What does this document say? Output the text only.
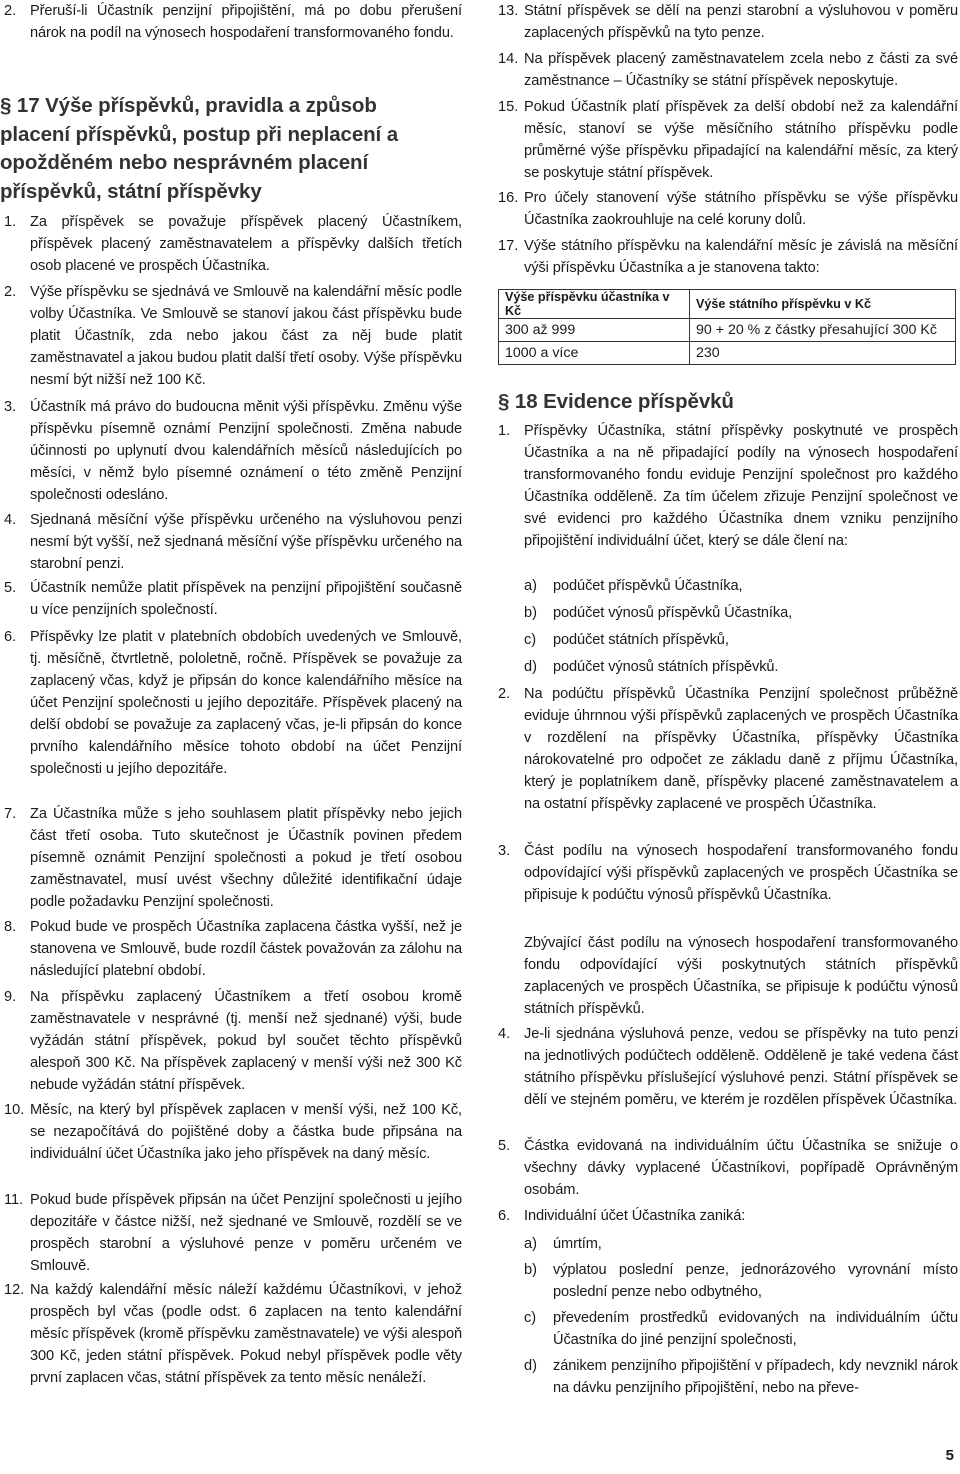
2. Přeruší-li Účastník penzijní připojištění, má po dobu přerušení nárok na podíl na výnosech hospodaření transformovaného fondu.

§ 17 Výše příspěvků, pravidla a způsob placení příspěvků, postup při neplacení a opožděném nebo nesprávném placení příspěvků, státní příspěvky
1. Za příspěvek se považuje příspěvek placený Účastníkem, příspěvek placený zaměstnavatelem a příspěvky dalších třetích osob placené ve prospěch Účastníka.

2. Výše příspěvku se sjednává ve Smlouvě na kalendářní měsíc podle volby Účastníka. Ve Smlouvě se stanoví jakou část příspěvku bude platit Účastník, zda nebo jakou část za něj bude platit zaměstnavatel a jakou budou platit další třetí osoby. Výše příspěvku nesmí být nižší než 100 Kč.

3. Účastník má právo do budoucna měnit výši příspěvku. Změnu výše příspěvku písemně oznámí Penzijní společnosti. Změna nabude účinnosti po uplynutí dvou kalendářních měsíců následujících po měsíci, v němž bylo písemné oznámení o této změně Penzijní společnosti odesláno.

4. Sjednaná měsíční výše příspěvku určeného na výsluhovou penzi nesmí být vyšší, než sjednaná měsíční výše příspěvku určeného na starobní penzi.

5. Účastník nemůže platit příspěvek na penzijní připojištění současně u více penzijních společností.

6. Příspěvky lze platit v platebních obdobích uvedených ve Smlouvě, tj. měsíčně, čtvrtletně, pololetně, ročně. Příspěvek se považuje za zaplacený včas, když je připsán do konce kalendářního měsíce na účet Penzijní společnosti u jejího depozitáře. Příspěvek placený na delší období se považuje za zaplacený včas, je-li připsán do konce prvního kalendářního měsíce tohoto období na účet Penzijní společnosti u jejího depozitáře.

7. Za Účastníka může s jeho souhlasem platit příspěvky nebo jejich část třetí osoba. Tuto skutečnost je Účastník povinen předem písemně oznámit Penzijní společnosti a pokud je třetí osobou zaměstnavatel, musí uvést všechny důležité identifikační údaje podle požadavku Penzijní společnosti.

8. Pokud bude ve prospěch Účastníka zaplacena částka vyšší, než je stanovena ve Smlouvě, bude rozdíl částek považován za zálohu na následující platební období.

9. Na příspěvku zaplacený Účastníkem a třetí osobou kromě zaměstnavatele v nesprávné (tj. menší než sjednané) výši, bude vyžádán státní příspěvek, pokud byl součet těchto příspěvků alespoň 300 Kč. Na příspěvek zaplacený v menší výši než 300 Kč nebude vyžádán státní příspěvek.

10. Měsíc, na který byl příspěvek zaplacen v menší výši, než 100 Kč, se nezapočítává do pojištěné doby a částka bude připsána na individuální účet Účastníka jako jeho příspěvek na daný měsíc.

11. Pokud bude příspěvek připsán na účet Penzijní společnosti u jejího depozitáře v částce nižší, než sjednané ve Smlouvě, rozdělí se ve prospěch starobní a výsluhové penze v poměru určeném ve Smlouvě.

12. Na každý kalendářní měsíc náleží každému Účastníkovi, v jehož prospěch byl včas (podle odst. 6 zaplacen na tento kalendářní měsíc příspěvek (kromě příspěvku zaměstnavatele) ve výši alespoň 300 Kč, jeden státní příspěvek. Pokud nebyl příspěvek podle věty první zaplacen včas, státní příspěvek za tento měsíc nenáleží.

13. Státní příspěvek se dělí na penzi starobní a výsluhovou v poměru zaplacených příspěvků na tyto penze.

14. Na příspěvek placený zaměstnavatelem zcela nebo z části za své zaměstnance – Účastníky se státní příspěvek neposkytuje.

15. Pokud Účastník platí příspěvek za delší období než za kalendářní měsíc, stanoví se výše měsíčního státního příspěvku podle průměrné výše příspěvku připadající na kalendářní měsíc, za který se poskytuje státní příspěvek.

16. Pro účely stanovení výše státního příspěvku se výše příspěvku Účastníka zaokrouhluje na celé koruny dolů.

17. Výše státního příspěvku na kalendářní měsíc je závislá na měsíční výši příspěvku Účastníka a je stanovena takto:

Výše příspěvku účastníka v Kč	Výše státního příspěvku v Kč
300 až 999	90 + 20 % z částky přesahující 300 Kč
1000 a více	230
§ 18 Evidence příspěvků
1. Příspěvky Účastníka, státní příspěvky poskytnuté ve prospěch Účastníka a na ně připadající podíly na výnosech hospodaření transformovaného fondu eviduje Penzijní společnost pro každého Účastníka odděleně. Za tím účelem zřizuje Penzijní společnost ve své evidenci pro každého Účastníka dnem vzniku penzijního připojištění individuální účet, který se dále člení na:

a) podúčet příspěvků Účastníka,

b) podúčet výnosů příspěvků Účastníka,

c) podúčet státních příspěvků,

d) podúčet výnosů státních příspěvků.

2. Na podúčtu příspěvků Účastníka Penzijní společnost průběžně eviduje úhrnnou výši příspěvků zaplacených ve prospěch Účastníka v rozdělení na příspěvky Účastníka, příspěvky Účastníka nárokovatelné pro odpočet ze základu daně z příjmu Účastníka, který je poplatníkem daně, příspěvky placené zaměstnavatelem a na ostatní příspěvky zaplacené ve prospěch Účastníka.

3. Část podílu na výnosech hospodaření transformovaného fondu odpovídající výši příspěvků zaplacených ve prospěch Účastníka se připisuje k podúčtu výnosů příspěvků Účastníka.

Zbývající část podílu na výnosech hospodaření transformovaného fondu odpovídající výši poskytnutých státních příspěvků zaplacených ve prospěch Účastníka, se připisuje k podúčtu výnosů státních příspěvků.

4. Je-li sjednána výsluhová penze, vedou se příspěvky na tuto penzi na jednotlivých podúčtech odděleně. Odděleně je také vedena část státního příspěvku příslušející výsluhové penzi. Státní příspěvek se dělí ve stejném poměru, ve kterém je rozdělen příspěvek Účastníka.

5. Částka evidovaná na individuálním účtu Účastníka se snižuje o všechny dávky vyplacené Účastníkovi, popřípadě Oprávněným osobám.

6. Individuální účet Účastníka zaniká:

a) úmrtím,

b) výplatou poslední penze, jednorázového vyrovnání místo poslední penze nebo odbytného,

c) převedením prostředků evidovaných na individuálním účtu Účastníka do jiné penzijní společnosti,

d) zánikem penzijního připojištění v případech, kdy nevznikl nárok na dávku penzijního připojištění, nebo na převe-

5
